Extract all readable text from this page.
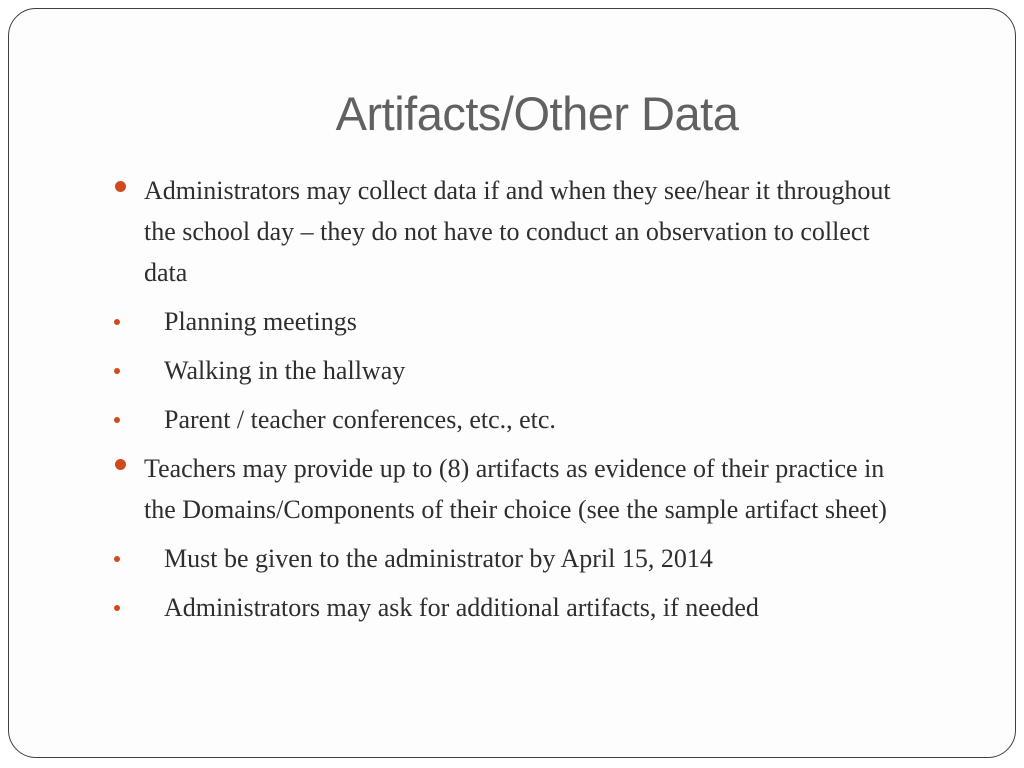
Artifacts/Other Data
Administrators may collect data if and when they see/hear it throughout the school day – they do not have to conduct an observation to collect data
Planning meetings
Walking in the hallway
Parent / teacher conferences, etc., etc.
Teachers may provide up to (8) artifacts as evidence of their practice in the Domains/Components of their choice (see the sample artifact sheet)
Must be given to the administrator by April 15, 2014
Administrators may ask for additional artifacts, if needed
